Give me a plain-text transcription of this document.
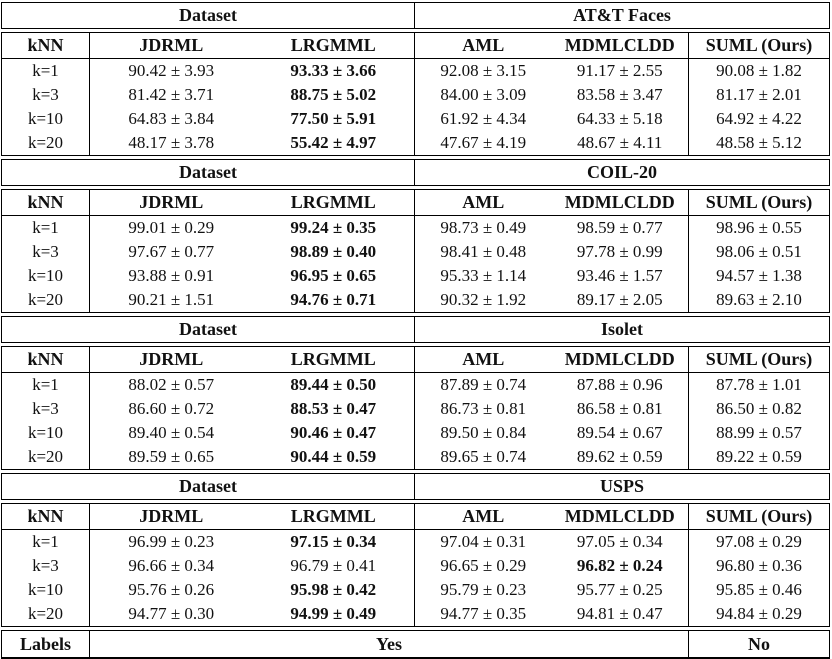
Dataset	AT&T Faces
kNN	JDRML	LRGMML	AML	MDMLCLDD	SUML (Ours)
k=1	90.42 ± 3.93	93.33 ± 3.66	92.08 ± 3.15	91.17 ± 2.55	90.08 ± 1.82
k=3	81.42 ± 3.71	88.75 ± 5.02	84.00 ± 3.09	83.58 ± 3.47	81.17 ± 2.01
k=10	64.83 ± 3.84	77.50 ± 5.91	61.92 ± 4.34	64.33 ± 5.18	64.92 ± 4.22
k=20	48.17 ± 3.78	55.42 ± 4.97	47.67 ± 4.19	48.67 ± 4.11	48.58 ± 5.12
Dataset	COIL-20
kNN	JDRML	LRGMML	AML	MDMLCLDD	SUML (Ours)
k=1	99.01 ± 0.29	99.24 ± 0.35	98.73 ± 0.49	98.59 ± 0.77	98.96 ± 0.55
k=3	97.67 ± 0.77	98.89 ± 0.40	98.41 ± 0.48	97.78 ± 0.99	98.06 ± 0.51
k=10	93.88 ± 0.91	96.95 ± 0.65	95.33 ± 1.14	93.46 ± 1.57	94.57 ± 1.38
k=20	90.21 ± 1.51	94.76 ± 0.71	90.32 ± 1.92	89.17 ± 2.05	89.63 ± 2.10
Dataset	Isolet
kNN	JDRML	LRGMML	AML	MDMLCLDD	SUML (Ours)
k=1	88.02 ± 0.57	89.44 ± 0.50	87.89 ± 0.74	87.88 ± 0.96	87.78 ± 1.01
k=3	86.60 ± 0.72	88.53 ± 0.47	86.73 ± 0.81	86.58 ± 0.81	86.50 ± 0.82
k=10	89.40 ± 0.54	90.46 ± 0.47	89.50 ± 0.84	89.54 ± 0.67	88.99 ± 0.57
k=20	89.59 ± 0.65	90.44 ± 0.59	89.65 ± 0.74	89.62 ± 0.59	89.22 ± 0.59
Dataset	USPS
kNN	JDRML	LRGMML	AML	MDMLCLDD	SUML (Ours)
k=1	96.99 ± 0.23	97.15 ± 0.34	97.04 ± 0.31	97.05 ± 0.34	97.08 ± 0.29
k=3	96.66 ± 0.34	96.79 ± 0.41	96.65 ± 0.29	96.82 ± 0.24	96.80 ± 0.36
k=10	95.76 ± 0.26	95.98 ± 0.42	95.79 ± 0.23	95.77 ± 0.25	95.85 ± 0.46
k=20	94.77 ± 0.30	94.99 ± 0.49	94.77 ± 0.35	94.81 ± 0.47	94.84 ± 0.29
Labels	Yes	No
